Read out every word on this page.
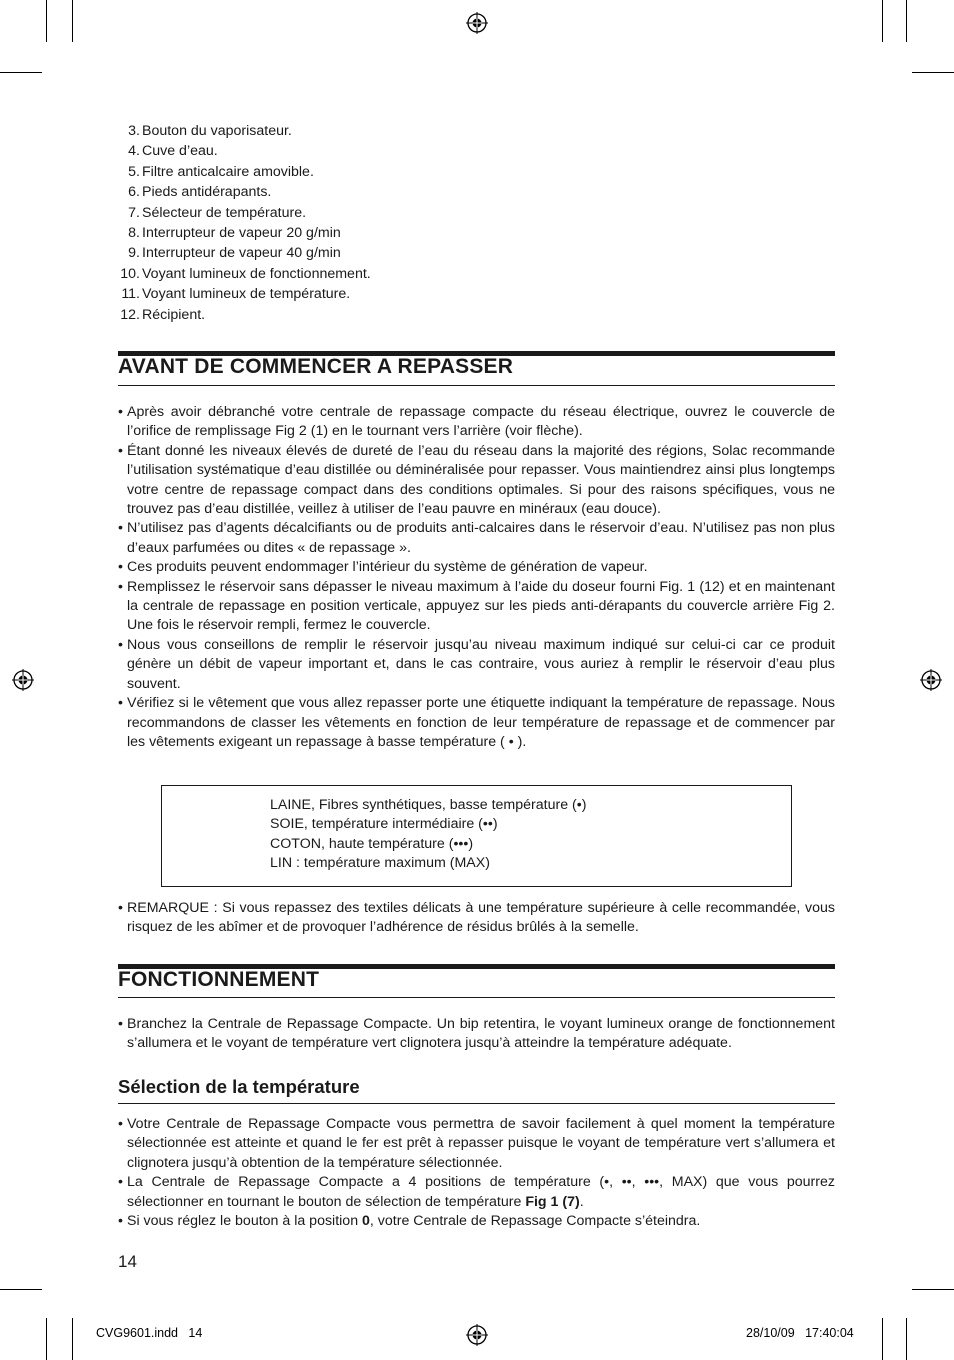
3. Bouton du vaporisateur.
4. Cuve d’eau.
5. Filtre anticalcaire amovible.
6. Pieds antidérapants.
7. Sélecteur de température.
8. Interrupteur de vapeur 20 g/min
9. Interrupteur de vapeur 40 g/min
10. Voyant lumineux de fonctionnement.
11. Voyant lumineux de température.
12. Récipient.
AVANT DE COMMENCER A REPASSER
• Après avoir débranché votre centrale de repassage compacte du réseau électrique, ouvrez le couvercle de l’orifice de remplissage Fig 2 (1) en le tournant vers l’arrière (voir flèche).
• Étant donné les niveaux élevés de dureté de l’eau du réseau dans la majorité des régions, Solac recommande l’utilisation systématique d’eau distillée ou déminéralisée pour repasser. Vous maintiendrez ainsi plus longtemps votre centre de repassage compact dans des conditions optimales. Si pour des raisons spécifiques, vous ne trouvez pas d’eau distillée, veillez à utiliser de l’eau pauvre en minéraux (eau douce).
• N’utilisez pas d’agents décalcifiants ou de produits anti-calcaires dans le réservoir d’eau. N’utilisez pas non plus d’eaux parfumées ou dites « de repassage ».
• Ces produits peuvent endommager l’intérieur du système de génération de vapeur.
• Remplissez le réservoir sans dépasser le niveau maximum à l’aide du doseur fourni Fig. 1 (12) et en maintenant la centrale de repassage en position verticale, appuyez sur les pieds anti-dérapants du couvercle arrière Fig 2. Une fois le réservoir rempli, fermez le couvercle.
• Nous vous conseillons de remplir le réservoir jusqu’au niveau maximum indiqué sur celui-ci car ce produit génère un débit de vapeur important et, dans le cas contraire, vous auriez à remplir le réservoir d’eau plus souvent.
• Vérifiez si le vêtement que vous allez repasser porte une étiquette indiquant la température de repassage. Nous recommandons de classer les vêtements en fonction de leur température de repassage et de commencer par les vêtements exigeant un repassage à basse température ( • ).
LAINE, Fibres synthétiques, basse température (•)
SOIE, température intermédiaire (••)
COTON, haute température (•••)
LIN : température maximum (MAX)
• REMARQUE : Si vous repassez des textiles délicats à une température supérieure à celle recommandée, vous risquez de les abîmer et de provoquer l’adhérence de résidus brûlés à la semelle.
FONCTIONNEMENT
• Branchez la Centrale de Repassage Compacte. Un bip retentira, le voyant lumineux orange de fonctionnement s’allumera et le voyant de température vert clignotera jusqu’à atteindre la température adéquate.
Sélection de la température
• Votre Centrale de Repassage Compacte vous permettra de savoir facilement à quel moment la température sélectionnée est atteinte et quand le fer est prêt à repasser puisque le voyant de température vert s’allumera et clignotera jusqu’à obtention de la température sélectionnée.
• La Centrale de Repassage Compacte a 4 positions de température (•, ••, •••, MAX) que vous pourrez sélectionner en tournant le bouton de sélection de température Fig 1 (7).
• Si vous réglez le bouton à la position 0, votre Centrale de Repassage Compacte s’éteindra.
14
CVG9601.indd   14	28/10/09   17:40:04
